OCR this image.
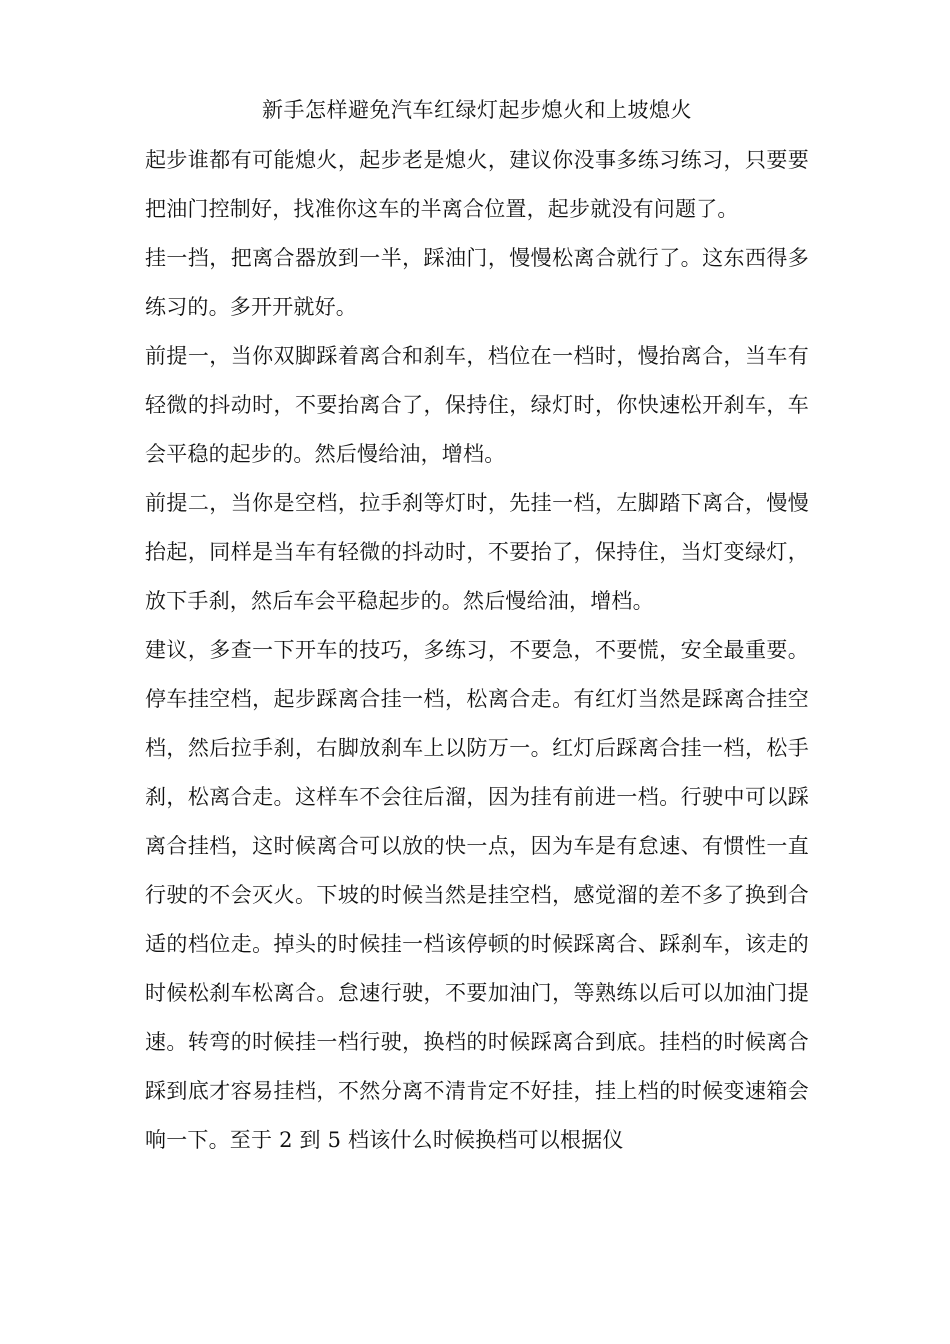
新手怎样避免汽车红绿灯起步熄火和上坡熄火

起步谁都有可能熄火，起步老是熄火，建议你没事多练习练习，只要要把油门控制好，找准你这车的半离合位置，起步就没有问题了。

挂一挡，把离合器放到一半，踩油门，慢慢松离合就行了。这东西得多练习的。多开开就好。

前提一，当你双脚踩着离合和刹车，档位在一档时，慢抬离合，当车有轻微的抖动时，不要抬离合了，保持住，绿灯时，你快速松开刹车，车会平稳的起步的。然后慢给油，增档。

前提二，当你是空档，拉手刹等灯时，先挂一档，左脚踏下离合，慢慢抬起，同样是当车有轻微的抖动时，不要抬了，保持住，当灯变绿灯，放下手刹，然后车会平稳起步的。然后慢给油，增档。

建议，多查一下开车的技巧，多练习，不要急，不要慌，安全最重要。停车挂空档，起步踩离合挂一档，松离合走。有红灯当然是踩离合挂空档，然后拉手刹，右脚放刹车上以防万一。红灯后踩离合挂一档，松手刹，松离合走。这样车不会往后溜，因为挂有前进一档。行驶中可以踩离合挂档，这时候离合可以放的快一点，因为车是有怠速、有惯性一直行驶的不会灭火。下坡的时候当然是挂空档，感觉溜的差不多了换到合适的档位走。掉头的时候挂一档该停顿的时候踩离合、踩刹车，该走的时候松刹车松离合。怠速行驶，不要加油门，等熟练以后可以加油门提速。转弯的时候挂一档行驶，换档的时候踩离合到底。挂档的时候离合踩到底才容易挂档，不然分离不清肯定不好挂，挂上档的时候变速箱会响一下。至于 2 到 5 档该什么时候换档可以根据仪
